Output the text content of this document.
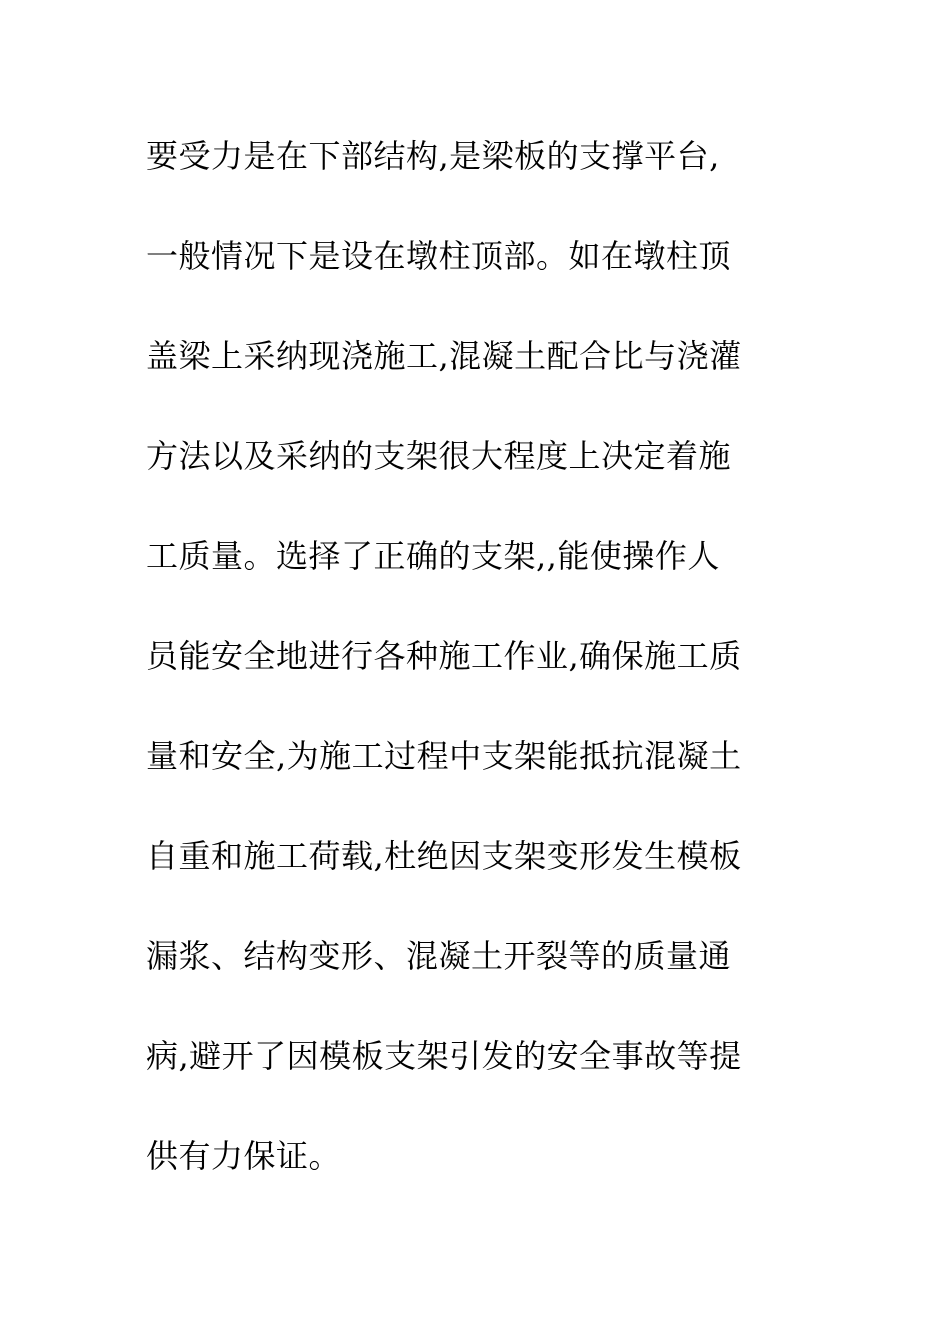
要受力是在下部结构,是梁板的支撑平台,
一般情况下是设在墩柱顶部。如在墩柱顶
盖梁上采纳现浇施工,混凝土配合比与浇灌
方法以及采纳的支架很大程度上决定着施
工质量。选择了正确的支架,,能使操作人
员能安全地进行各种施工作业,确保施工质
量和安全,为施工过程中支架能抵抗混凝土
自重和施工荷载,杜绝因支架变形发生模板
漏浆、结构变形、混凝土开裂等的质量通
病,避开了因模板支架引发的安全事故等提
供有力保证。
